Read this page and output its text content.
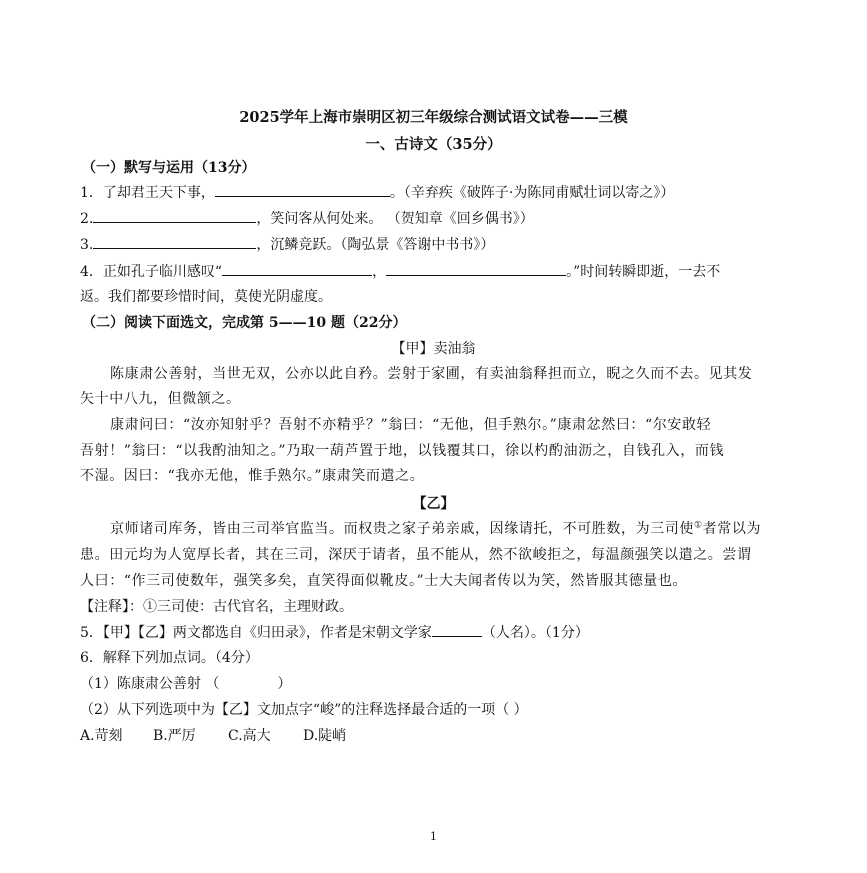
2025学年上海市崇明区初三年级综合测试语文试卷——三模
一、古诗文（35分）
（一）默写与运用（13分）
1．了却君王天下事，	。（辛弃疾《破阵子·为陈同甫赋壮词以寄之》）
2.	，笑问客从何处来。 （贺知章《回乡偶书》）
3.	，沉鳞竞跃。（陶弘景《答谢中书书》）
4．正如孔子临川感叹“	，	。”时间转瞬即逝，一去不
返。我们都要珍惜时间，莫使光阴虚度。
（二）阅读下面选文，完成第 5——10 题（22分）
【甲】卖油翁
陈康肃公善射，当世无双，公亦以此自矜。尝射于家圃，有卖油翁释担而立，睨之久而不去。见其发
矢十中八九，但微颔之。
康肃问曰：“汝亦知射乎？吾射不亦精乎？”翁曰：“无他，但手熟尔。”康肃忿然曰：“尔安敢轻
吾射！”翁曰：“以我酌油知之。”乃取一葫芦置于地，以钱覆其口，徐以杓酌油沥之，自钱孔入，而钱
不湿。因曰：“我亦无他，惟手熟尔。”康肃笑而遣之。
【乙】
京师诸司库务，皆由三司举官监当。而权贵之家子弟亲戚，因缘请托，不可胜数，为三司使①者常以为
患。田元均为人宽厚长者，其在三司，深厌于请者，虽不能从，然不欲峻拒之，每温颜强笑以遣之。尝谓
人曰：“作三司使数年，强笑多矣，直笑得面似靴皮。”士大夫闻者传以为笑，然皆服其德量也。
【注释】：①三司使：古代官名，主理财政。
5．【甲】【乙】两文都选自《归田录》，作者是宋朝文学家	（人名）。（1分）
6．解释下列加点词。（4分）
（1）陈康肃公善射 （	）
（2）从下列选项中为【乙】文加点字“峻”的注释选择最合适的一项（ ）
A.苛刻 B.严厉 C.高大 D.陡峭
1
